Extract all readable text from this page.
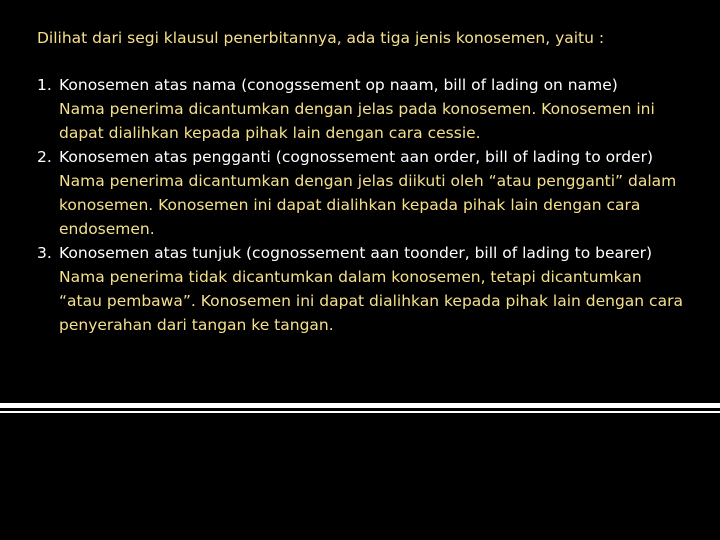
Dilihat dari segi klausul penerbitannya, ada tiga jenis konosemen, yaitu :
1. Konosemen atas nama (conogssement op naam, bill of lading on name)
Nama penerima dicantumkan dengan jelas pada konosemen. Konosemen ini dapat dialihkan kepada pihak lain dengan cara cessie.
2. Konosemen atas pengganti (cognossement aan order, bill of lading to order)
Nama penerima dicantumkan dengan jelas diikuti oleh “atau pengganti” dalam konosemen. Konosemen ini dapat dialihkan kepada pihak lain dengan cara endosemen.
3. Konosemen atas tunjuk (cognossement aan toonder, bill of lading to bearer)
Nama penerima tidak dicantumkan dalam konosemen, tetapi dicantumkan “atau pembawa”. Konosemen ini dapat dialihkan kepada pihak lain dengan cara penyerahan dari tangan ke tangan.
